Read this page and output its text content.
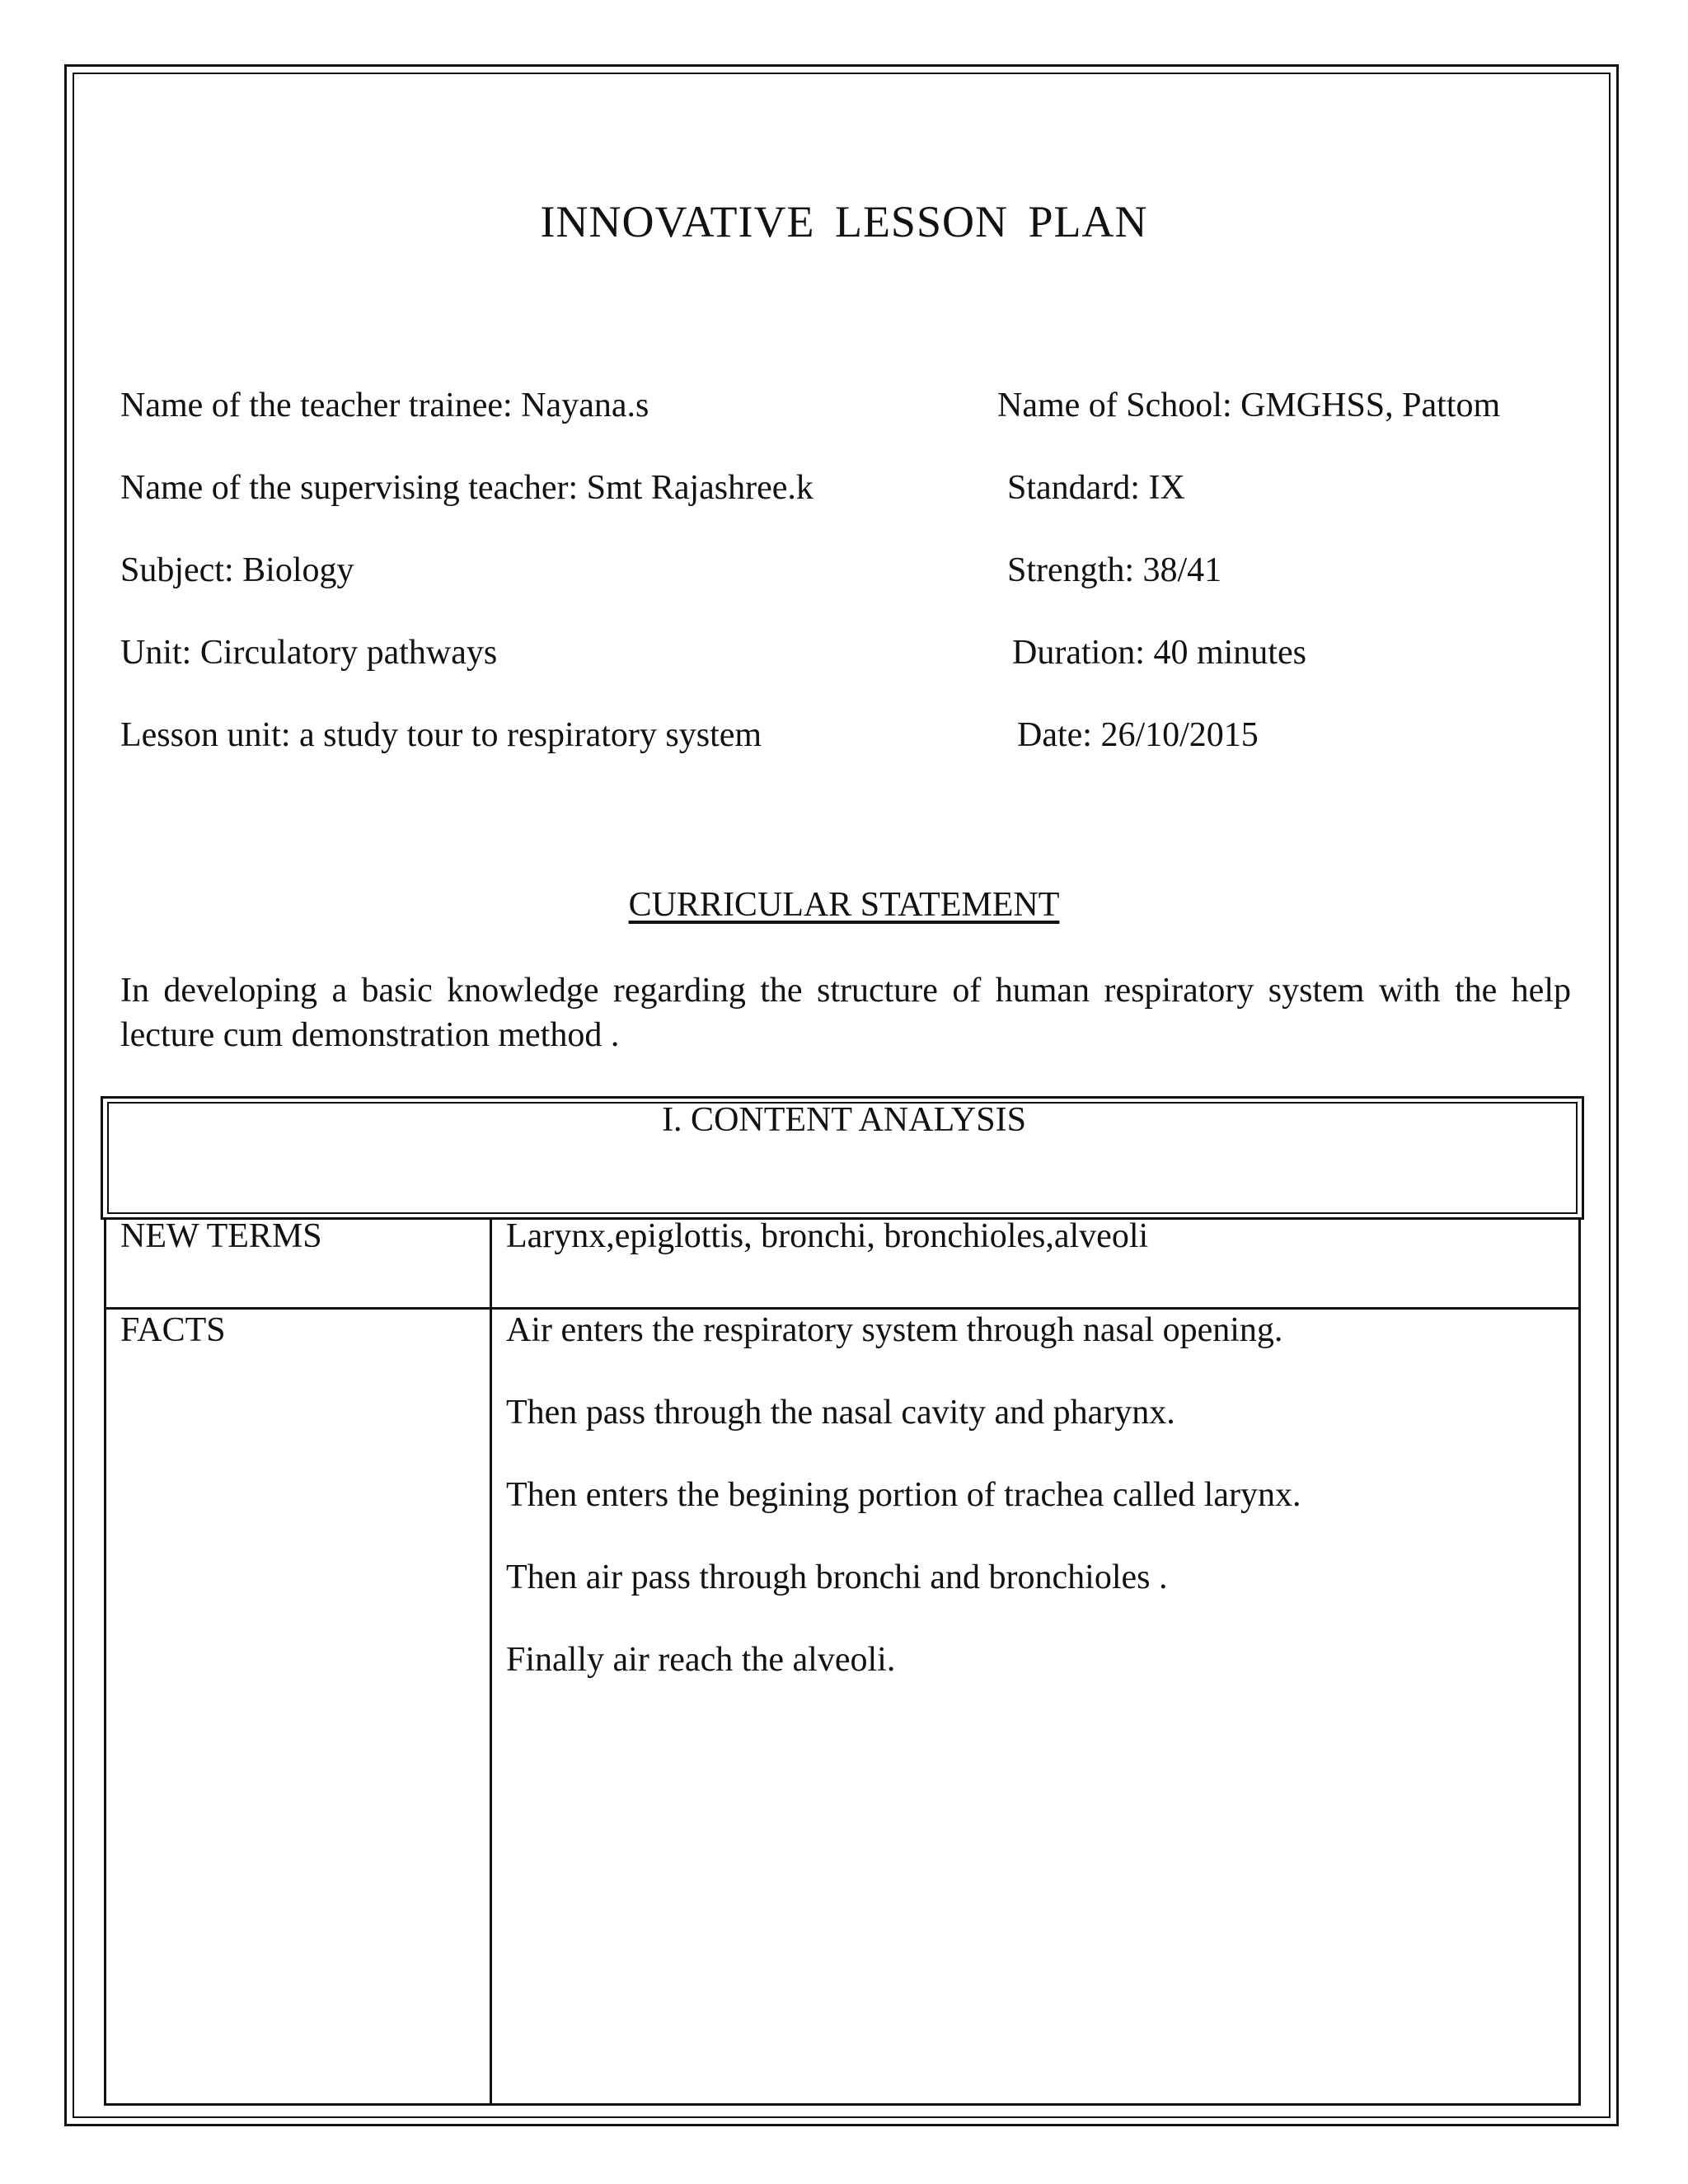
INNOVATIVE LESSON PLAN
Name of the teacher trainee: Nayana.s	Name of School: GMGHSS, Pattom
Name of the supervising teacher: Smt Rajashree.k	Standard: IX
Subject: Biology	Strength: 38/41
Unit: Circulatory pathways	Duration: 40 minutes
Lesson unit: a study tour to respiratory system	Date: 26/10/2015
CURRICULAR STATEMENT
In developing a basic knowledge regarding the structure of human respiratory system with the help lecture cum demonstration method .
I. CONTENT ANALYSIS
NEW TERMS	Larynx,epiglottis, bronchi, bronchioles,alveoli
FACTS	Air enters the respiratory system through nasal opening.
Then pass through the nasal cavity and pharynx.
Then enters the begining portion of trachea called larynx.
Then air pass through bronchi and bronchioles .
Finally air reach the alveoli.
